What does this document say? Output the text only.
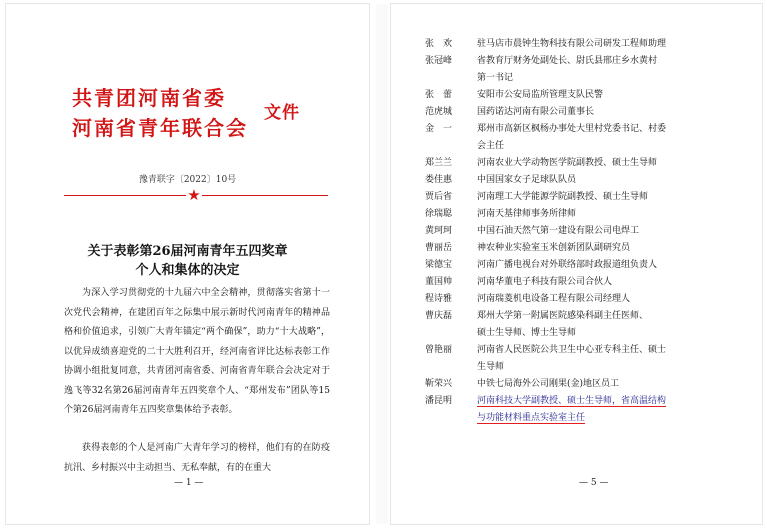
共青团河南省委
河南省青年联合会
文件
豫青联字〔2022〕10号
★
关于表彰第26届河南青年五四奖章
个人和集体的决定

为深入学习贯彻党的十九届六中全会精神，贯彻落实省第十一次党代会精神，在建团百年之际集中展示新时代河南青年的精神品格和价值追求，引领广大青年锚定“两个确保”，助力“十大战略”，以优异成绩喜迎党的二十大胜利召开，经河南省评比达标表彰工作协调小组批复同意，共青团河南省委、河南省青年联合会决定对于逸飞等32名第26届河南青年五四奖章个人、“郑州发布”团队等15个第26届河南青年五四奖章集体给予表彰。

获得表彰的个人是河南广大青年学习的榜样，他们有的在防疫抗汛、乡村振兴中主动担当、无私奉献，有的在重大

— 1 —
张　欢	驻马店市晨钟生物科技有限公司研发工程师助理
张冠峰	省教育厅财务处副处长、尉氏县邢庄乡水黄村
第一书记
张　蕾	安阳市公安局监所管理支队民警
范虎城	国药诺达河南有限公司董事长
金　一	郑州市高新区枫杨办事处大里村党委书记、村委
会主任
郑兰兰	河南农业大学动物医学院副教授、硕士生导师
娄佳惠	中国国家女子足球队队员
贾后省	河南理工大学能源学院副教授、硕士生导师
徐瑞聪	河南天基律师事务所律师
黄珂珂	中国石油天然气第一建设有限公司电焊工
曹丽岳	神农种业实验室玉米创新团队副研究员
梁德宝	河南广播电视台对外联络部时政报道组负责人
董国帅	河南华董电子科技有限公司合伙人
程诗雅	河南瑞菱机电设备工程有限公司经理人
曹庆磊	郑州大学第一附属医院感染科副主任医师、
硕士生导师、博士生导师
曾艳丽	河南省人民医院公共卫生中心亚专科主任、硕士
生导师
靳荣兴	中铁七局海外公司刚果(金)地区员工
潘昆明	河南科技大学副教授、硕士生导师，省高温结构
与功能材料重点实验室主任
— 5 —
